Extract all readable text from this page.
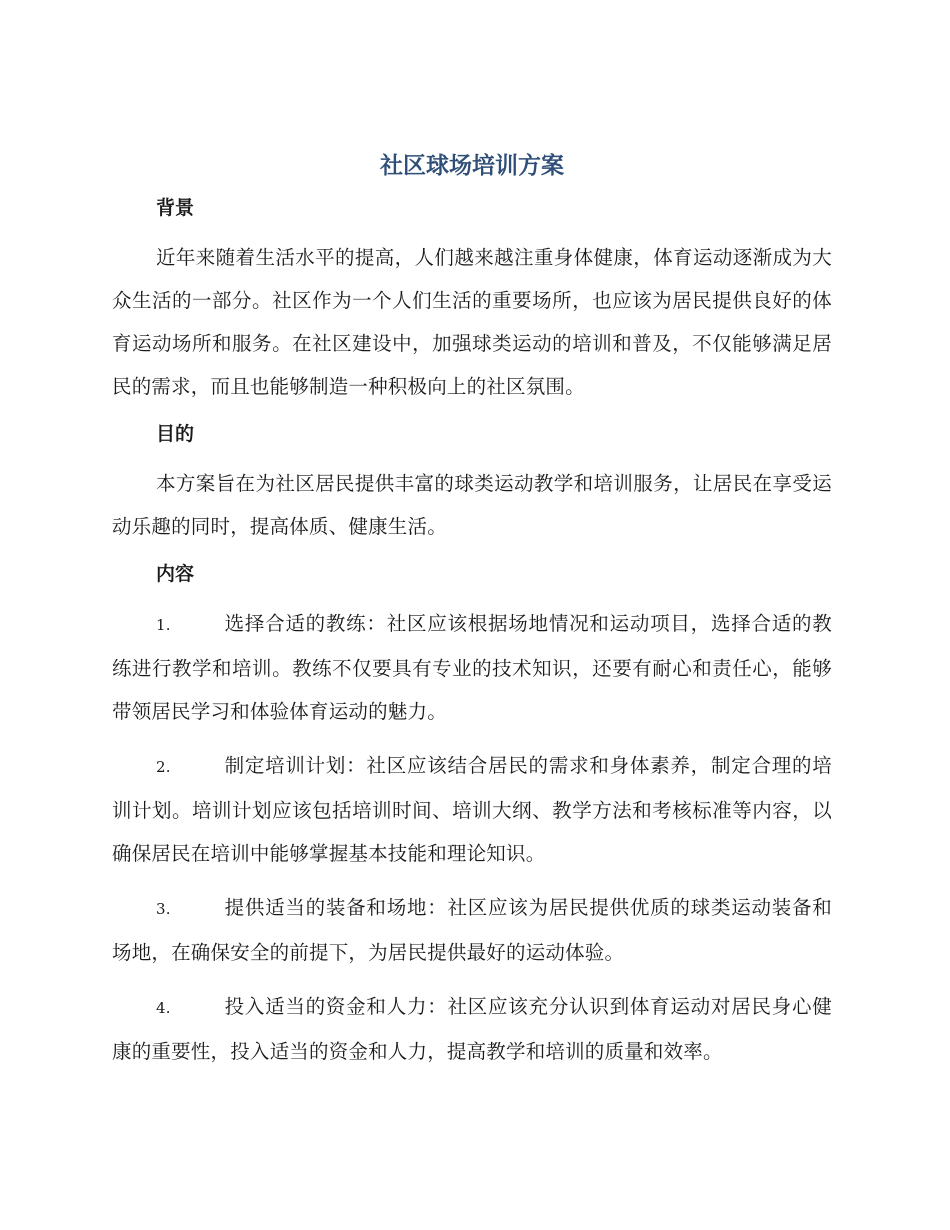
社区球场培训方案
背景

近年来随着生活水平的提高，人们越来越注重身体健康，体育运动逐渐成为大众生活的一部分。社区作为一个人们生活的重要场所，也应该为居民提供良好的体育运动场所和服务。在社区建设中，加强球类运动的培训和普及，不仅能够满足居民的需求，而且也能够制造一种积极向上的社区氛围。

目的

本方案旨在为社区居民提供丰富的球类运动教学和培训服务，让居民在享受运动乐趣的同时，提高体质、健康生活。

内容

1.	选择合适的教练：社区应该根据场地情况和运动项目，选择合适的教练进行教学和培训。教练不仅要具有专业的技术知识，还要有耐心和责任心，能够带领居民学习和体验体育运动的魅力。

2.	制定培训计划：社区应该结合居民的需求和身体素养，制定合理的培训计划。培训计划应该包括培训时间、培训大纲、教学方法和考核标准等内容，以确保居民在培训中能够掌握基本技能和理论知识。

3.	提供适当的装备和场地：社区应该为居民提供优质的球类运动装备和场地，在确保安全的前提下，为居民提供最好的运动体验。

4.	投入适当的资金和人力：社区应该充分认识到体育运动对居民身心健康的重要性，投入适当的资金和人力，提高教学和培训的质量和效率。
